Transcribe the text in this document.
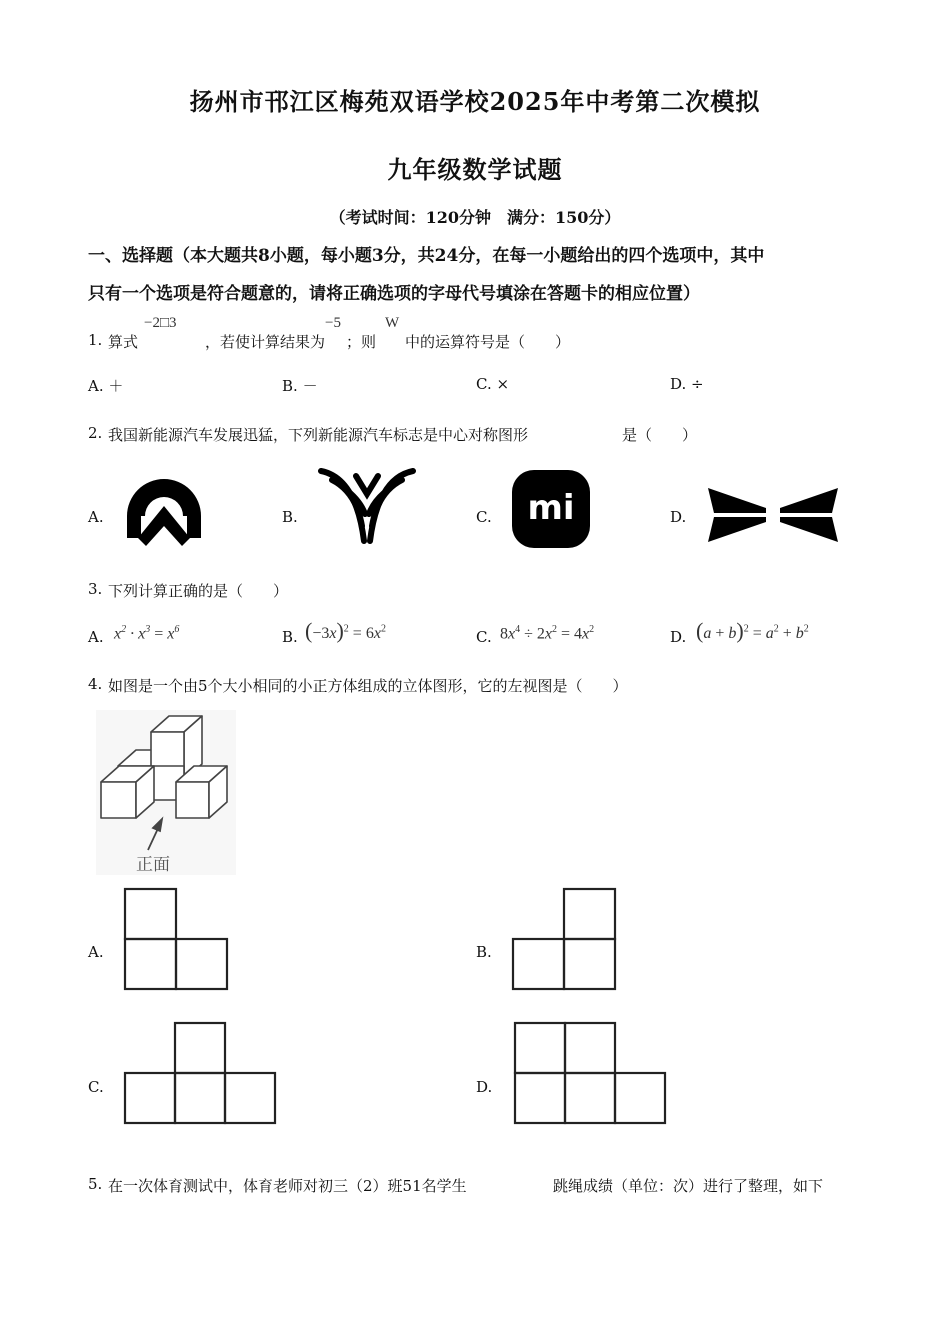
扬州市邗江区梅苑双语学校2025年中考第二次模拟
九年级数学试题
（考试时间：120分钟　满分：150分）
一、选择题（本大题共8小题，每小题3分，共24分，在每一小题给出的四个选项中，其中
只有一个选项是符合题意的，请将正确选项的字母代号填涂在答题卡的相应位置）
1. 算式
−2□3
，若使计算结果为
−5
；则
W
中的运算符号是（　　）
A. ＋	B. －	C. ×	D. ÷
2. 我国新能源汽车发展迅猛，下列新能源汽车标志是中心对称图形	是（　　）
A.	B.	C.	mi	D.
3. 下列计算正确的是（　　）
A. $x^2 \cdot x^3 = x^6$	B. $(-3x)^2 = 6x^2$	C. $8x^4 \div 2x^2 = 4x^2$	D. $(a + b)^2 = a^2 + b^2$
4. 如图是一个由5个大小相同的小正方体组成的立体图形，它的左视图是（　　）
正面
A.	B.
C.	D.
5. 在一次体育测试中，体育老师对初三（2）班51名学生	跳绳成绩（单位：次）进行了整理，如下
